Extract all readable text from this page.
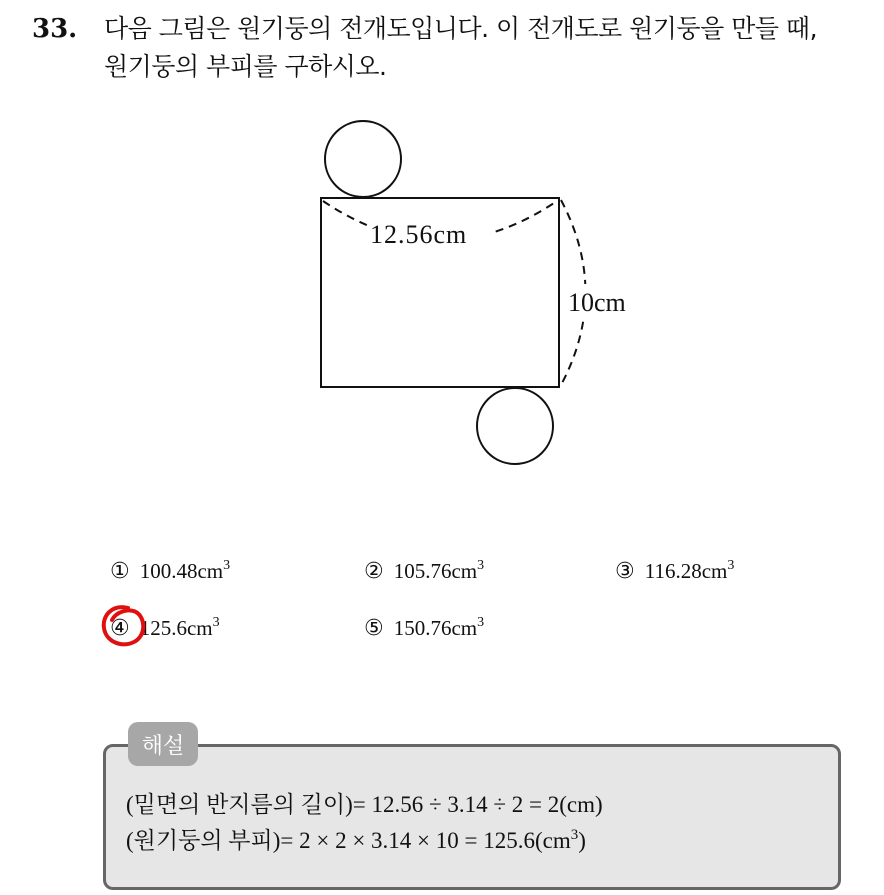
33. 다음 그림은 원기둥의 전개도입니다. 이 전개도로 원기둥을 만들 때,
원기둥의 부피를 구하시오.
12.56cm
10cm
① $100.48cm^3$	② $105.76cm^3$	③ $116.28cm^3$
④ $125.6cm^3$	⑤ $150.76cm^3$
해설
(밑면의 반지름의 길이)= 12.56 ÷ 3.14 ÷ 2 = 2(cm)
(원기둥의 부피)= $2 \times 2 \times 3.14 \times 10 = 125.6(cm^3)$
